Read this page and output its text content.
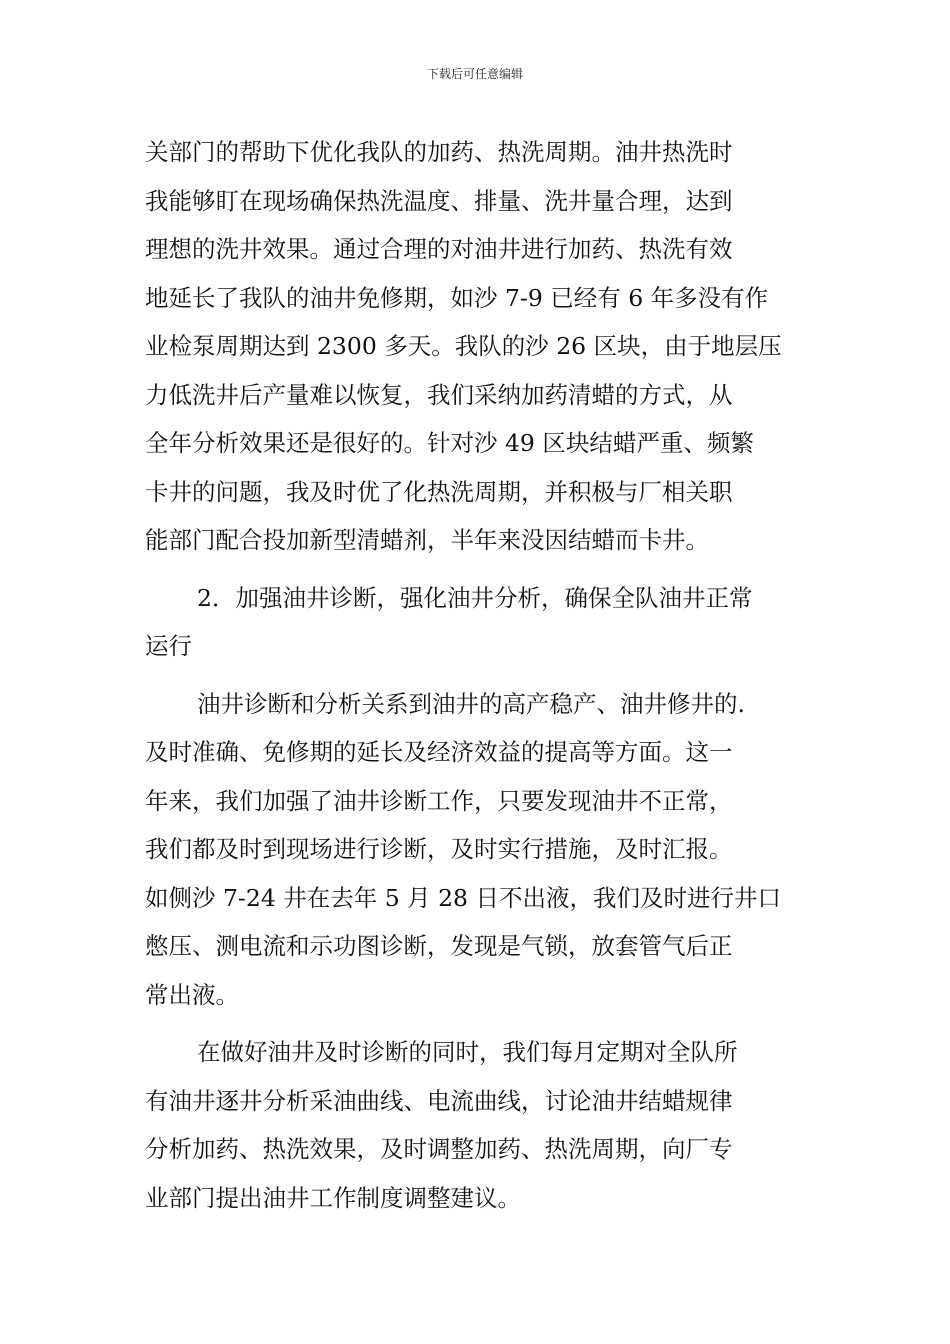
下载后可任意编辑
关部门的帮助下优化我队的加药、热洗周期。油井热洗时
我能够盯在现场确保热洗温度、排量、洗井量合理，达到
理想的洗井效果。通过合理的对油井进行加药、热洗有效
地延长了我队的油井免修期，如沙 7-9 已经有 6 年多没有作
业检泵周期达到 2300 多天。我队的沙 26 区块，由于地层压
力低洗井后产量难以恢复，我们采纳加药清蜡的方式，从
全年分析效果还是很好的。针对沙 49 区块结蜡严重、频繁
卡井的问题，我及时优了化热洗周期，并积极与厂相关职
能部门配合投加新型清蜡剂，半年来没因结蜡而卡井。
2．加强油井诊断，强化油井分析，确保全队油井正常
运行
油井诊断和分析关系到油井的高产稳产、油井修井的.
及时准确、免修期的延长及经济效益的提高等方面。这一
年来，我们加强了油井诊断工作，只要发现油井不正常，
我们都及时到现场进行诊断，及时实行措施，及时汇报。
如侧沙 7-24 井在去年 5 月 28 日不出液，我们及时进行井口
憋压、测电流和示功图诊断，发现是气锁，放套管气后正
常出液。
在做好油井及时诊断的同时，我们每月定期对全队所
有油井逐井分析采油曲线、电流曲线，讨论油井结蜡规律
分析加药、热洗效果，及时调整加药、热洗周期，向厂专
业部门提出油井工作制度调整建议。
